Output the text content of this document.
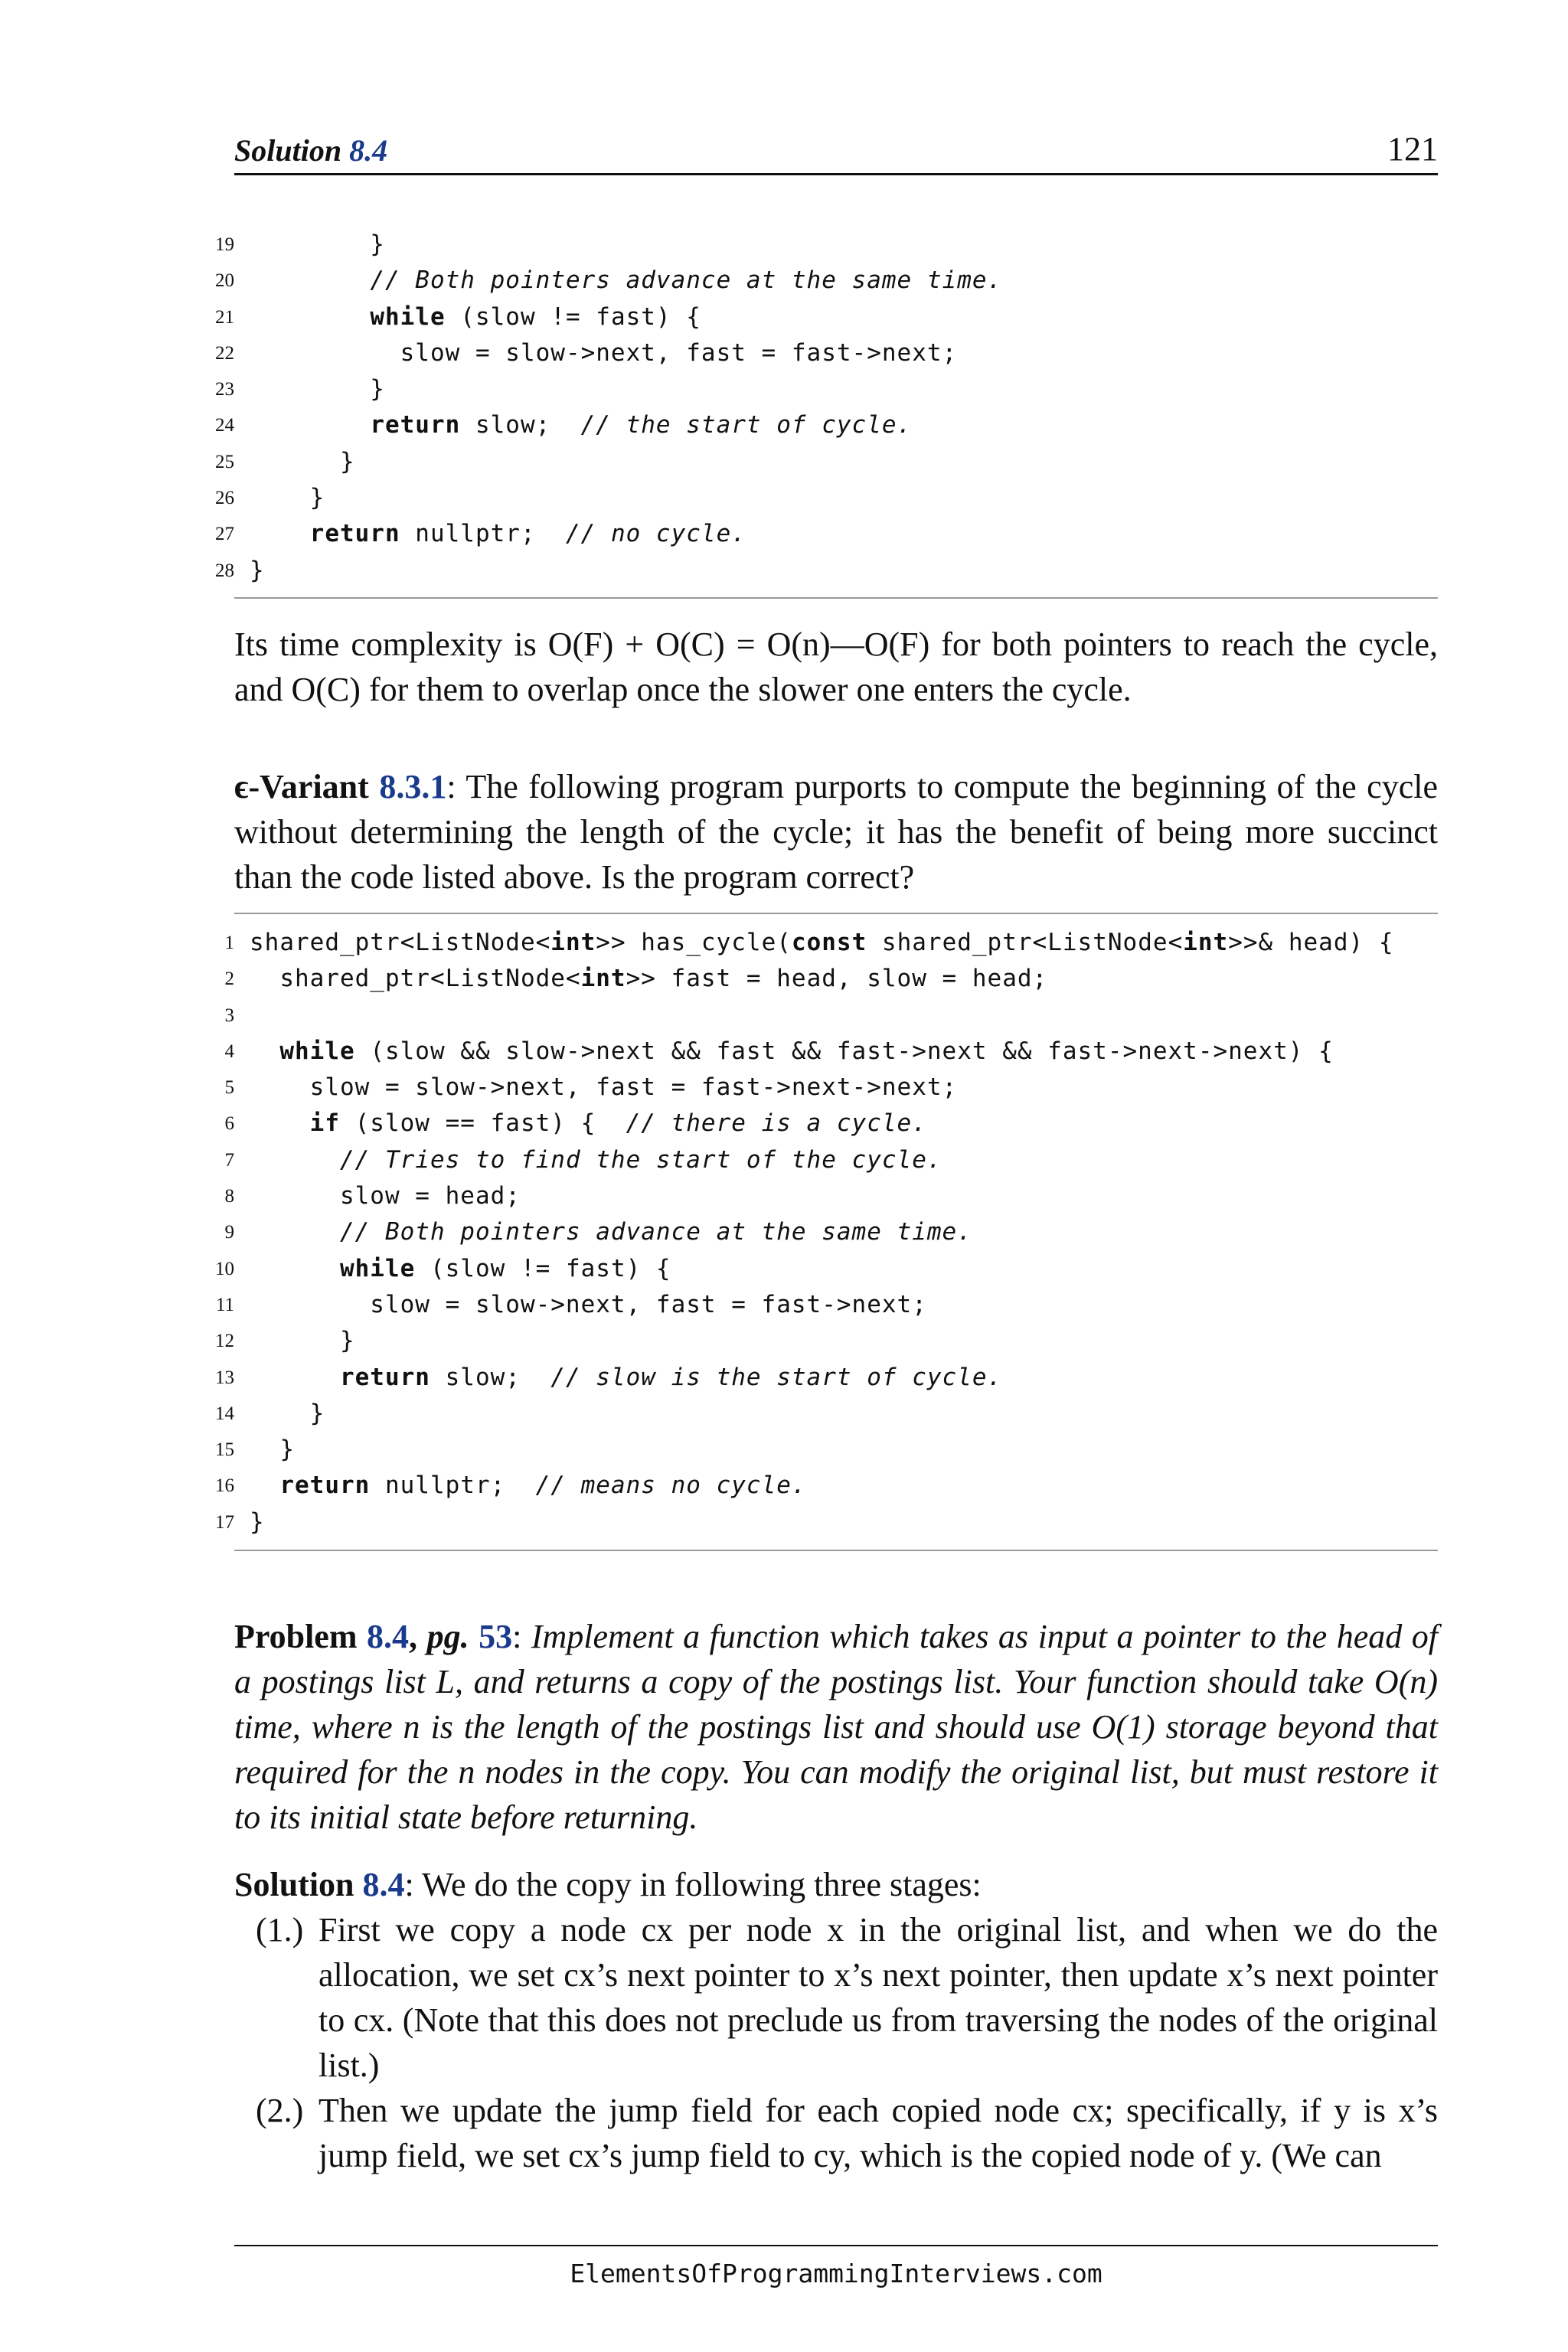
Solution 8.4	121
19 }
20	// Both pointers advance at the same time.
21	while (slow != fast) {
22 slow = slow->next, fast = fast->next;
23 }
24	return slow;  // the start of cycle.
25 }
26 }
27	return nullptr;  // no cycle.
28 }
Its time complexity is O(F) + O(C) = O(n)—O(F) for both pointers to reach the cycle, and O(C) for them to overlap once the slower one enters the cycle.
ϵ-Variant 8.3.1: The following program purports to compute the beginning of the cycle without determining the length of the cycle; it has the benefit of being more succinct than the code listed above. Is the program correct?
1 shared_ptr<ListNode<int>> has_cycle(const shared_ptr<ListNode<int>>& head) {
2 shared_ptr<ListNode<int>> fast = head, slow = head;
3
4	while (slow && slow->next && fast && fast->next && fast->next->next) {
5 slow = slow->next, fast = fast->next->next;
6	if (slow == fast) {  // there is a cycle.
7	// Tries to find the start of the cycle.
8 slow = head;
9	// Both pointers advance at the same time.
10	while (slow != fast) {
11 slow = slow->next, fast = fast->next;
12 }
13	return slow;  // slow is the start of cycle.
14 }
15 }
16	return nullptr;  // means no cycle.
17 }
Problem 8.4, pg. 53: Implement a function which takes as input a pointer to the head of a postings list L, and returns a copy of the postings list. Your function should take O(n) time, where n is the length of the postings list and should use O(1) storage beyond that required for the n nodes in the copy. You can modify the original list, but must restore it to its initial state before returning.
Solution 8.4: We do the copy in following three stages:
(1.) First we copy a node cx per node x in the original list, and when we do the allocation, we set cx’s next pointer to x’s next pointer, then update x’s next pointer to cx. (Note that this does not preclude us from traversing the nodes of the original list.)
(2.) Then we update the jump field for each copied node cx; specifically, if y is x’s jump field, we set cx’s jump field to cy, which is the copied node of y. (We can
ElementsOfProgrammingInterviews.com
